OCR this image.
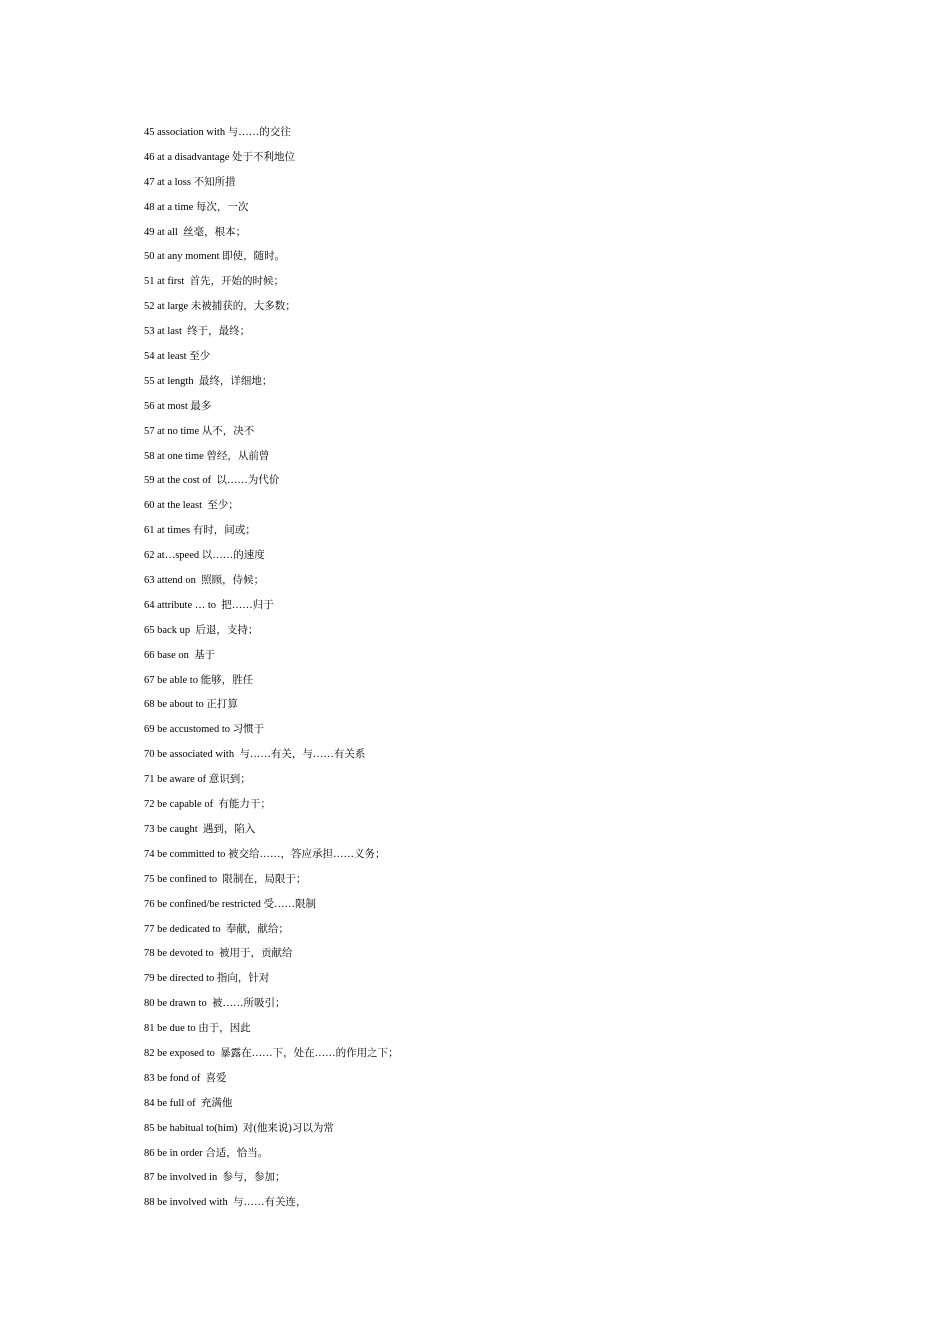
45 association with 与……的交往
46 at a disadvantage 处于不利地位
47 at a loss 不知所措
48 at a time 每次，一次
49 at all  丝毫，根本；
50 at any moment 即使，随时。
51 at first  首先，开始的时候；
52 at large 未被捕获的，大多数；
53 at last  终于，最终；
54 at least 至少
55 at length  最终，详细地；
56 at most 最多
57 at no time 从不，决不
58 at one time 曾经，从前曾
59 at the cost of  以……为代价
60 at the least  至少；
61 at times 有时，间或；
62 at…speed 以……的速度
63 attend on  照顾，侍候；
64 attribute … to  把……归于
65 back up  后退，支持；
66 base on  基于
67 be able to 能够，胜任
68 be about to 正打算
69 be accustomed to 习惯于
70 be associated with  与……有关，与……有关系
71 be aware of 意识到；
72 be capable of  有能力干；
73 be caught  遇到，陷入
74 be committed to 被交给……，答应承担……义务；
75 be confined to  限制在，局限于；
76 be confined/be restricted 受……限制
77 be dedicated to  奉献，献给；
78 be devoted to  被用于，贡献给
79 be directed to 指向，针对
80 be drawn to  被……所吸引；
81 be due to 由于，因此
82 be exposed to  暴露在……下，处在……的作用之下；
83 be fond of  喜爱
84 be full of  充满他
85 be habitual to(him)  对(他来说)习以为常
86 be in order 合适，恰当。
87 be involved in  参与，参加；
88 be involved with  与……有关连，
